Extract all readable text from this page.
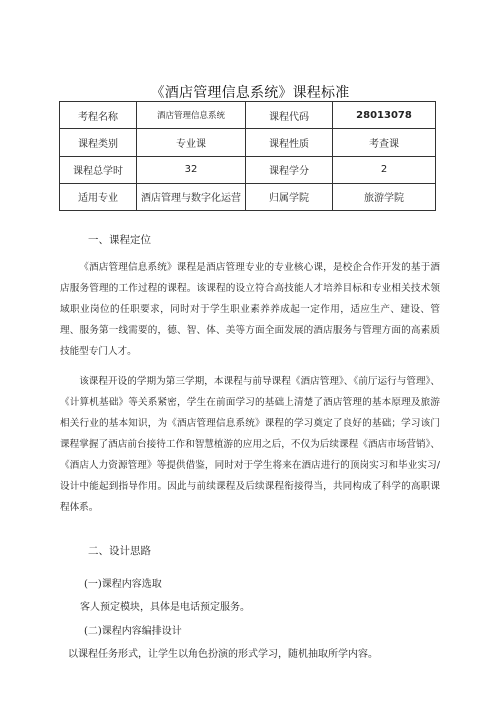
《酒店管理信息系统》课程标准
考程名称	酒店管理信息系统	课程代码	28013078
课程类别	专业课	课程性质	考查课
课程总学时	32	课程学分	2
适用专业	酒店管理与数字化运营	归属学院	旅游学院
一、课程定位

《酒店管理信息系统》课程是酒店管理专业的专业核心课，是校企合作开发的基于酒店服务管理的工作过程的课程。该课程的设立符合高技能人才培养目标和专业相关技术领域职业岗位的任职要求，同时对于学生职业素养养成起一定作用，适应生产、建设、管理、服务第一线需要的，德、智、体、美等方面全面发展的酒店服务与管理方面的高素质技能型专门人才。

该课程开设的学期为第三学期，本课程与前导课程《酒店管理》、《前厅运行与管理》、《计算机基础》等关系紧密，学生在前面学习的基础上清楚了酒店管理的基本原理及旅游相关行业的基本知识，为《酒店管理信息系统》课程的学习奠定了良好的基础；学习该门课程掌握了酒店前台接待工作和智慧植游的应用之后，不仅为后续课程《酒店市场营销》、《酒店人力资源管理》等提供借鉴，同时对于学生将来在酒店进行的顶岗实习和毕业实习/设计中能起到指导作用。因此与前续课程及后续课程衔接得当，共同构成了科学的高职课程体系。

二、设计思路
(一)课程内容选取
客人预定模块，具体是电话预定服务。
(二)课程内容编排设计
以课程任务形式，让学生以角色扮演的形式学习，随机抽取所学内容。
